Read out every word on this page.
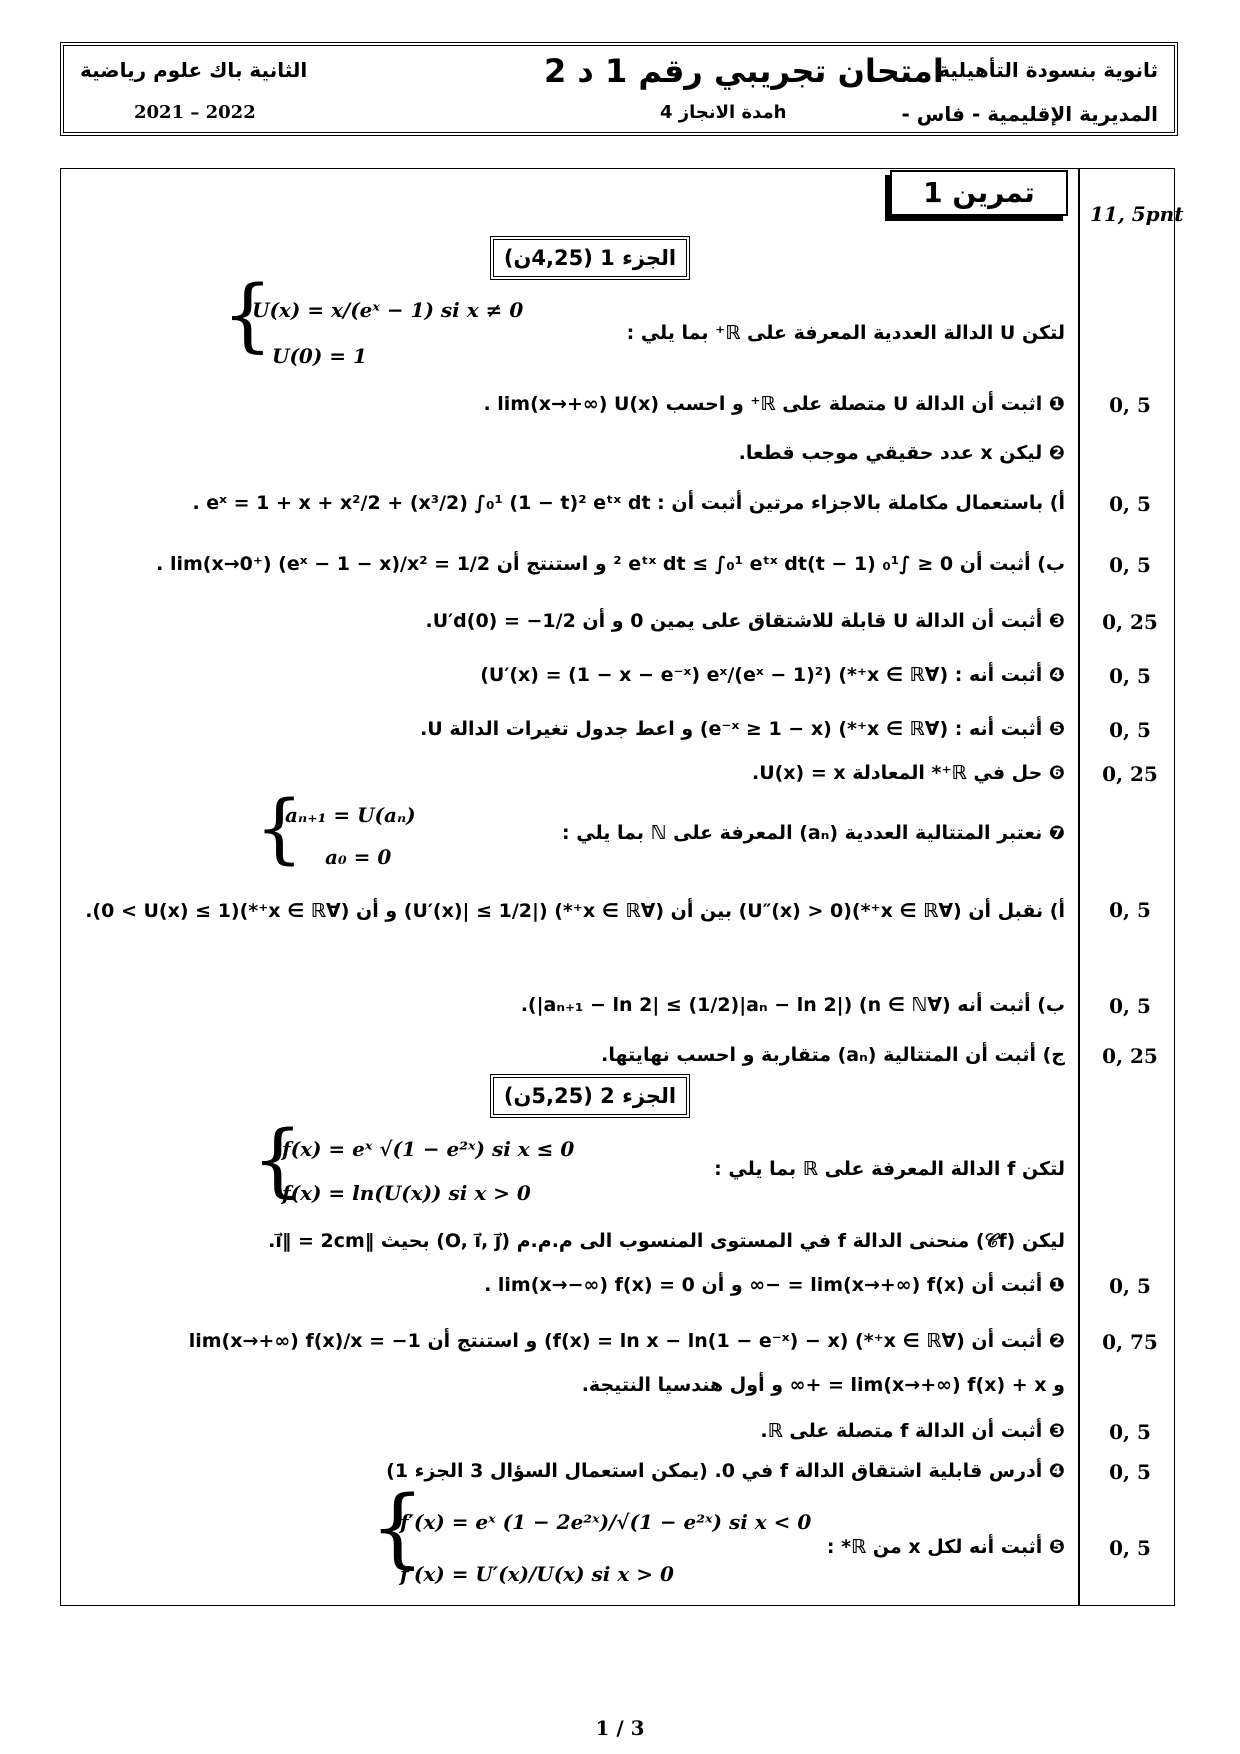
الثانية باك علوم رياضية
2021 – 2022
امتحان تجريبي رقم 1 د 2
مدة الانجاز 4h
ثانوية بنسودة التأهيلية
المديرية الإقليمية - فاس -
تمرين 1
11, 5pnt
الجزء 1 (4,25ن)
لتكن U الدالة العددية المعرفة على ℝ⁺ بما يلي :
{
U(x) = x/(eˣ − 1) si x ≠ 0
U(0) = 1
❶ اثبت أن الدالة U متصلة على ℝ⁺ و احسب lim(x→+∞) U(x) .	0, 5
❷ ليكن x عدد حقيقي موجب قطعا.
أ) باستعمال مكاملة بالاجزاء مرتين أثبت أن : eˣ = 1 + x + x²/2 + (x³/2) ∫₀¹ (1 − t)² eᵗˣ dt .	0, 5
ب) أثبت أن 0 ≤ ∫₀¹ (1 − t)² eᵗˣ dt ≤ ∫₀¹ eᵗˣ dt و استنتج أن lim(x→0⁺) (eˣ − 1 − x)/x² = 1/2 .	0, 5
❸ أثبت أن الدالة U قابلة للاشتقاق على يمين 0 و أن U′d(0) = −1/2.	0, 25
❹ أثبت أنه : (∀x ∈ ℝ⁺*) (U′(x) = (1 − x − e⁻ˣ) eˣ/(eˣ − 1)²)	0, 5
❺ أثبت أنه : (∀x ∈ ℝ⁺*) (e⁻ˣ ≥ 1 − x) و اعط جدول تغيرات الدالة U.	0, 5
❻ حل في ℝ⁺* المعادلة U(x) = x.	0, 25
❼ نعتبر المتتالية العددية (aₙ) المعرفة على ℕ بما يلي :
{
aₙ₊₁ = U(aₙ)
a₀ = 0
أ) نقبل أن (∀x ∈ ℝ⁺*)(U″(x) > 0) بين أن (∀x ∈ ℝ⁺*) (|U′(x)| ≤ 1/2) و أن (∀x ∈ ℝ⁺*)(0 < U(x) ≤ 1).	0, 5
ب) أثبت أنه (∀n ∈ ℕ) (|aₙ₊₁ − ln 2| ≤ (1/2)|aₙ − ln 2|).	0, 5
ج) أثبت أن المتتالية (aₙ) متقاربة و احسب نهايتها.	0, 25
الجزء 2 (5,25ن)
لتكن f الدالة المعرفة على ℝ بما يلي :
{
f(x) = eˣ √(1 − e²ˣ) si x ≤ 0
f(x) = ln(U(x)) si x > 0
ليكن (𝒞f) منحنى الدالة f في المستوى المنسوب الى م.م.م (O, i⃗, j⃗) بحيث ‖i⃗‖ = 2cm.
❶ أثبت أن lim(x→+∞) f(x) = −∞ و أن lim(x→−∞) f(x) = 0 .	0, 5
❷ أثبت أن (∀x ∈ ℝ⁺*) (f(x) = ln x − ln(1 − e⁻ˣ) − x) و استنتج أن lim(x→+∞) f(x)/x = −1	0, 75
و lim(x→+∞) f(x) + x = +∞ و أول هندسيا النتيجة.
❸ أثبت أن الدالة f متصلة على ℝ.	0, 5
❹ أدرس قابلية اشتقاق الدالة f في 0. (يمكن استعمال السؤال 3 الجزء 1)	0, 5
❺ أثبت أنه لكل x من ℝ* :	0, 5
{
f′(x) = eˣ (1 − 2e²ˣ)/√(1 − e²ˣ) si x < 0
f′(x) = U′(x)/U(x) si x > 0
1 / 3
